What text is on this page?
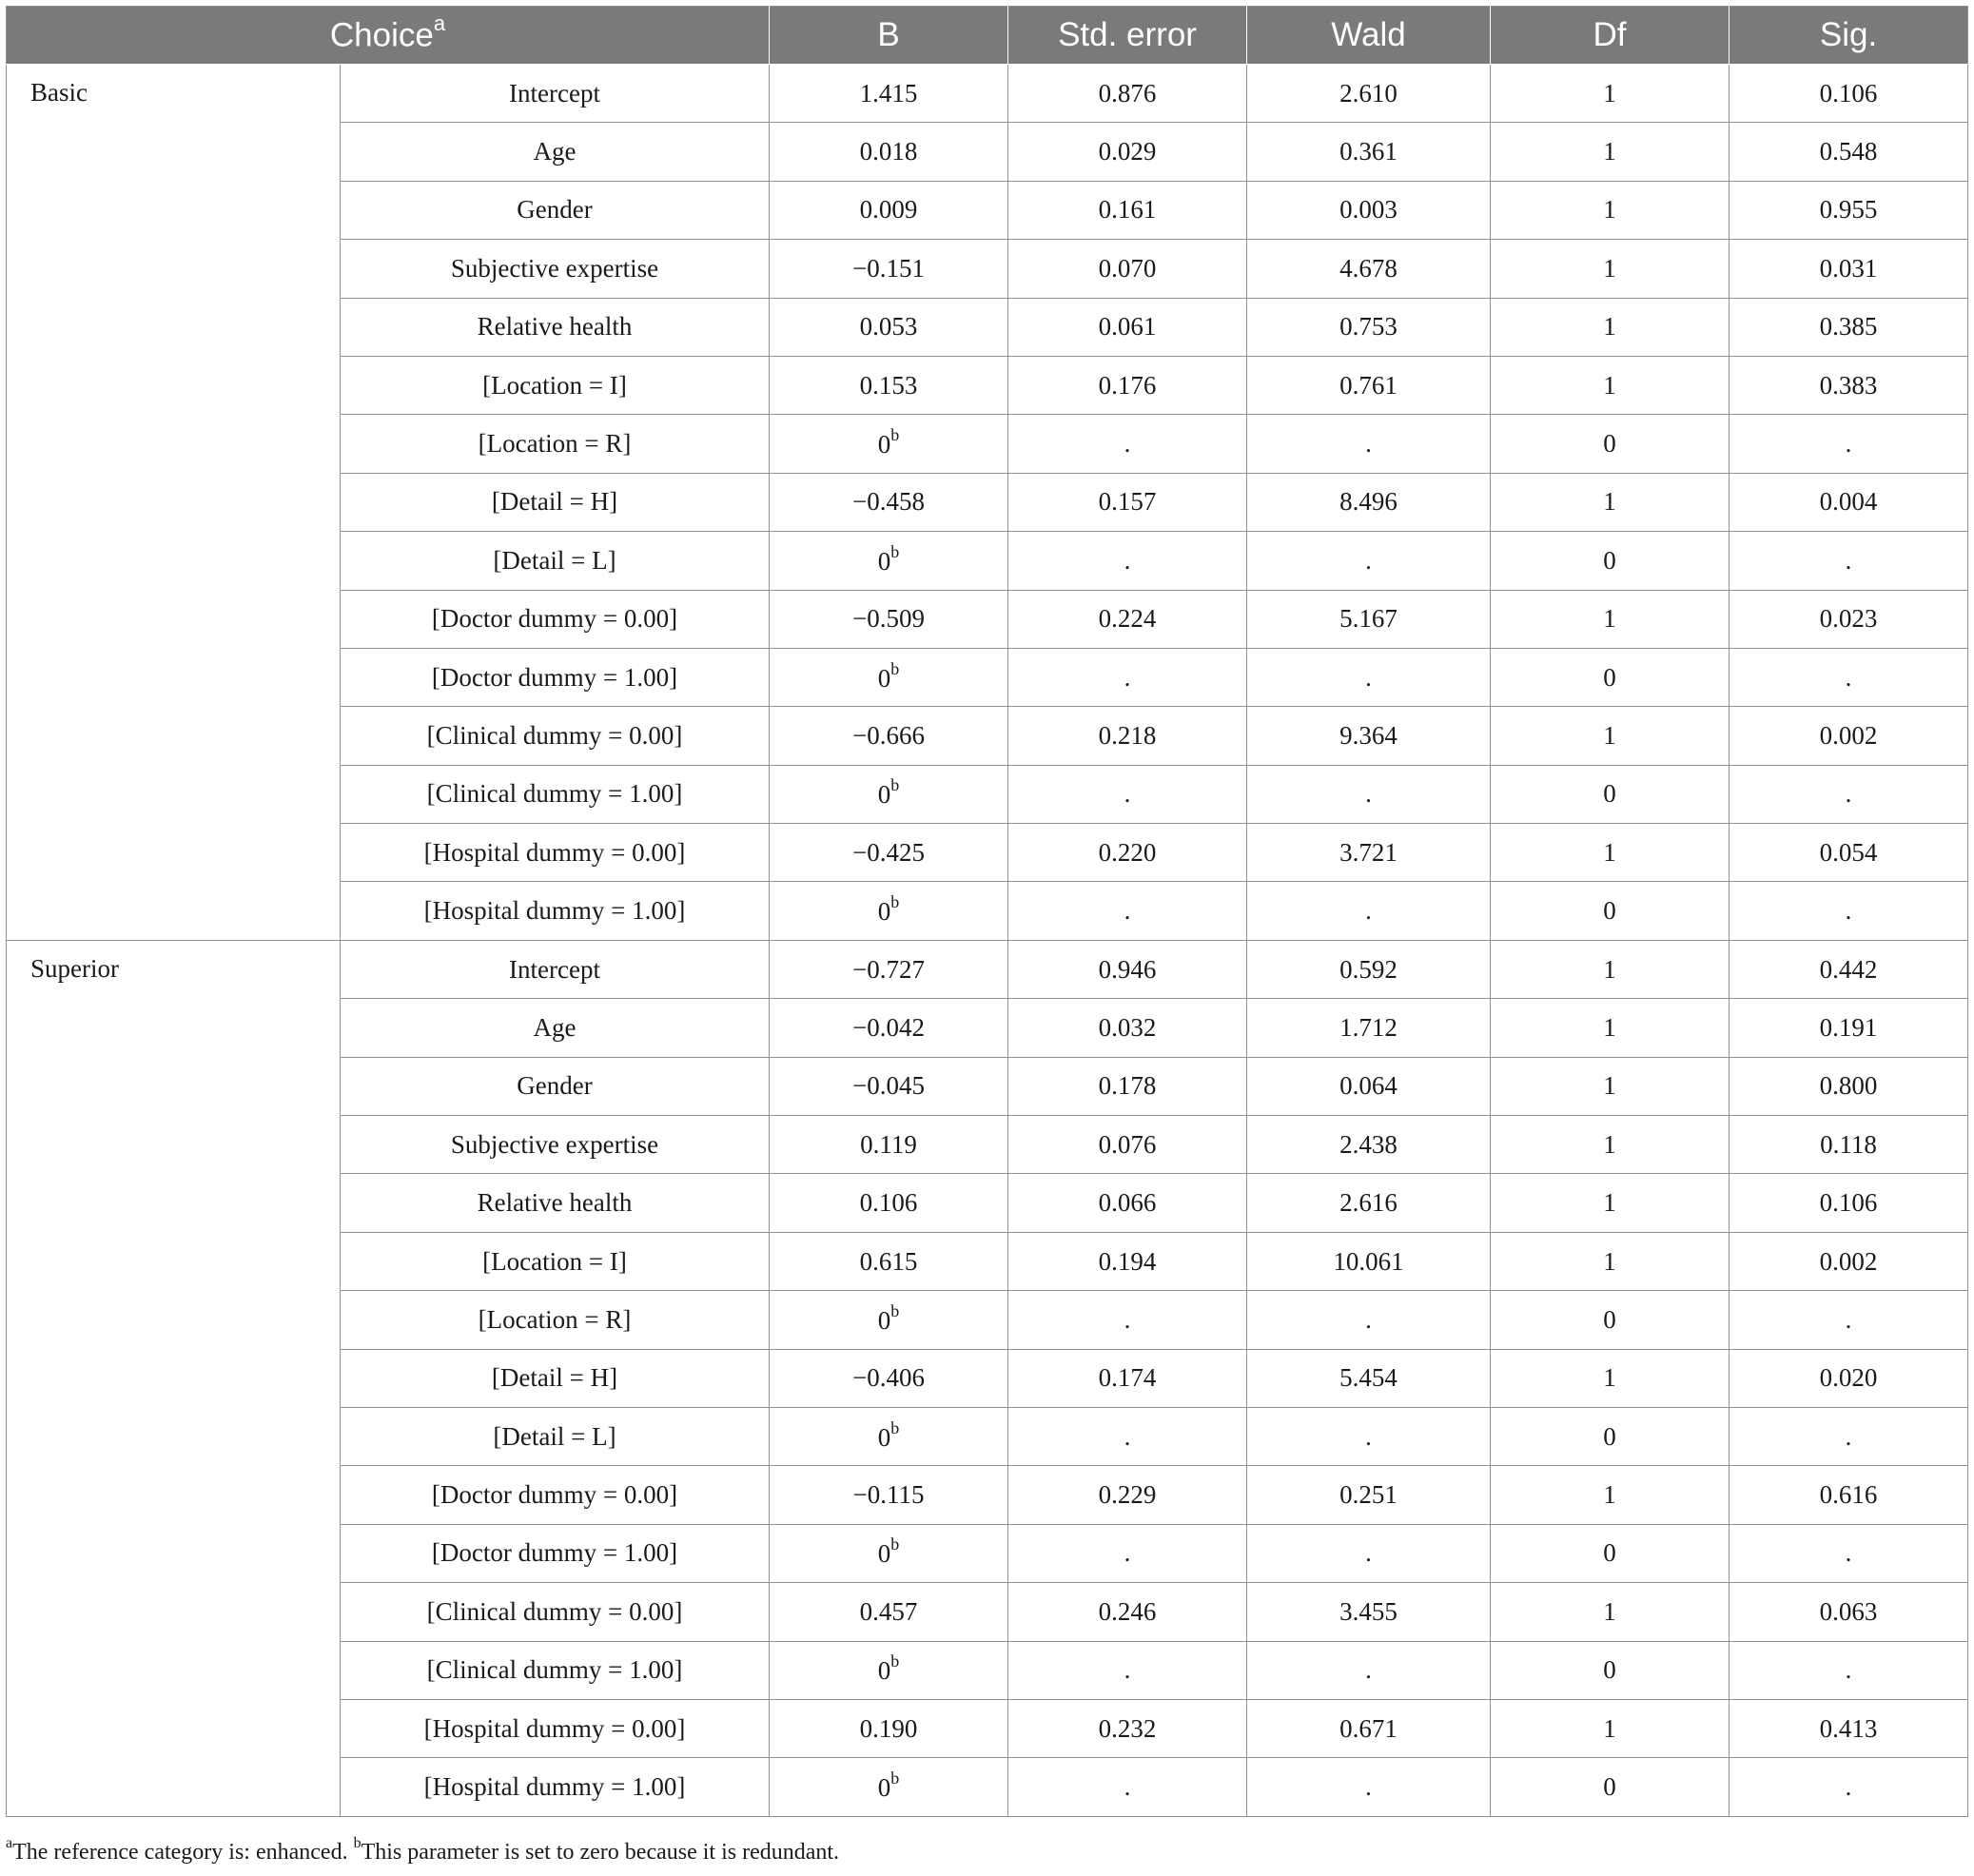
Choice$^a$		B	Std. error	Wald	Df	Sig.
Basic	Intercept	1.415	0.876	2.610	1	0.106
	Age	0.018	0.029	0.361	1	0.548
	Gender	0.009	0.161	0.003	1	0.955
	Subjective expertise	−0.151	0.070	4.678	1	0.031
	Relative health	0.053	0.061	0.753	1	0.385
	[Location = I]	0.153	0.176	0.761	1	0.383
	[Location = R]	0$^b$	.	.	0	.
	[Detail = H]	−0.458	0.157	8.496	1	0.004
	[Detail = L]	0$^b$	.	.	0	.
	[Doctor dummy = 0.00]	−0.509	0.224	5.167	1	0.023
	[Doctor dummy = 1.00]	0$^b$	.	.	0	.
	[Clinical dummy = 0.00]	−0.666	0.218	9.364	1	0.002
	[Clinical dummy = 1.00]	0$^b$	.	.	0	.
	[Hospital dummy = 0.00]	−0.425	0.220	3.721	1	0.054
	[Hospital dummy = 1.00]	0$^b$	.	.	0	.
Superior	Intercept	−0.727	0.946	0.592	1	0.442
	Age	−0.042	0.032	1.712	1	0.191
	Gender	−0.045	0.178	0.064	1	0.800
	Subjective expertise	0.119	0.076	2.438	1	0.118
	Relative health	0.106	0.066	2.616	1	0.106
	[Location = I]	0.615	0.194	10.061	1	0.002
	[Location = R]	0$^b$	.	.	0	.
	[Detail = H]	−0.406	0.174	5.454	1	0.020
	[Detail = L]	0$^b$	.	.	0	.
	[Doctor dummy = 0.00]	−0.115	0.229	0.251	1	0.616
	[Doctor dummy = 1.00]	0$^b$	.	.	0	.
	[Clinical dummy = 0.00]	0.457	0.246	3.455	1	0.063
	[Clinical dummy = 1.00]	0$^b$	.	.	0	.
	[Hospital dummy = 0.00]	0.190	0.232	0.671	1	0.413
	[Hospital dummy = 1.00]	0$^b$	.	.	0	.
$^a$The reference category is: enhanced. $^b$This parameter is set to zero because it is redundant.
